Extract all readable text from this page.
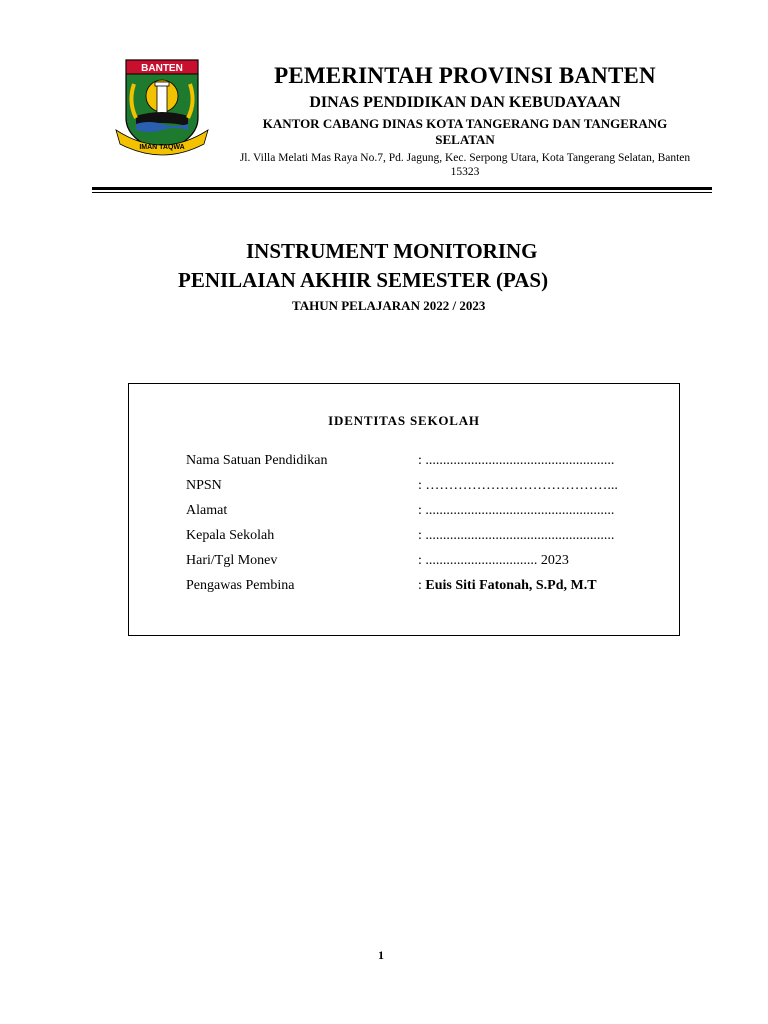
BANTEN
IMAN TAQWA
PEMERINTAH PROVINSI BANTEN
DINAS PENDIDIKAN DAN KEBUDAYAAN
KANTOR CABANG DINAS KOTA TANGERANG DAN TANGERANG SELATAN
Jl. Villa Melati Mas Raya No.7, Pd. Jagung, Kec. Serpong Utara, Kota Tangerang Selatan, Banten 15323
INSTRUMENT MONITORING
PENILAIAN AKHIR SEMESTER (PAS)
TAHUN PELAJARAN 2022 / 2023
IDENTITAS SEKOLAH
Nama Satuan Pendidikan	: ......................................................
NPSN	: …………………………………...
Alamat	: ......................................................
Kepala Sekolah	: ......................................................
Hari/Tgl Monev	: ................................ 2023
Pengawas Pembina	: Euis Siti Fatonah, S.Pd, M.T
1
